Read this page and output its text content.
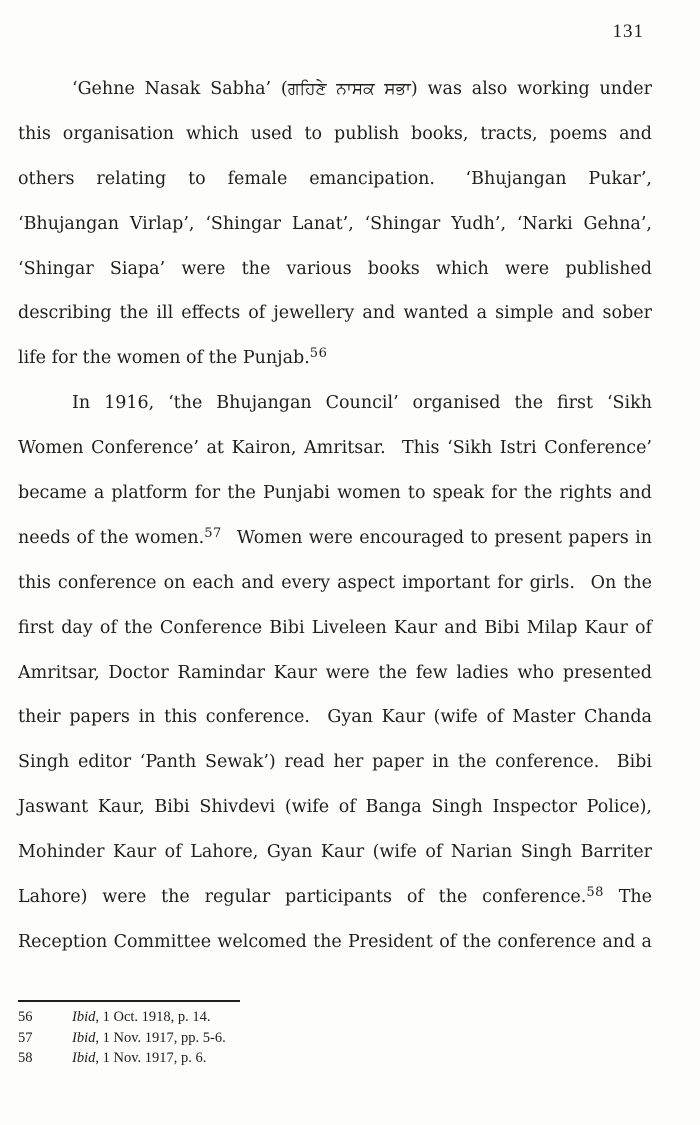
131
‘Gehne Nasak Sabha’ (ਗਹਿਣੇ ਨਾਸਕ ਸਭਾ) was also working under
this organisation which used to publish books, tracts, poems and
others relating to female emancipation.  ‘Bhujangan Pukar’,
‘Bhujangan Virlap’, ‘Shingar Lanat’, ‘Shingar Yudh’, ‘Narki Gehna’,
‘Shingar Siapa’ were the various books which were published
describing the ill effects of jewellery and wanted a simple and sober
life for the women of the Punjab.$^{56}$
In 1916, ‘the Bhujangan Council’ organised the first ‘Sikh
Women Conference’ at Kairon, Amritsar.  This ‘Sikh Istri Conference’
became a platform for the Punjabi women to speak for the rights and
needs of the women.$^{57}$  Women were encouraged to present papers in
this conference on each and every aspect important for girls.  On the
first day of the Conference Bibi Liveleen Kaur and Bibi Milap Kaur of
Amritsar, Doctor Ramindar Kaur were the few ladies who presented
their papers in this conference.  Gyan Kaur (wife of Master Chanda
Singh editor ‘Panth Sewak’) read her paper in the conference.  Bibi
Jaswant Kaur, Bibi Shivdevi (wife of Banga Singh Inspector Police),
Mohinder Kaur of Lahore, Gyan Kaur (wife of Narian Singh Barriter
Lahore) were the regular participants of the conference.$^{58}$ The
Reception Committee welcomed the President of the conference and a
56	Ibid, 1 Oct. 1918, p. 14.
57	Ibid, 1 Nov. 1917, pp. 5-6.
58	Ibid, 1 Nov. 1917, p. 6.
